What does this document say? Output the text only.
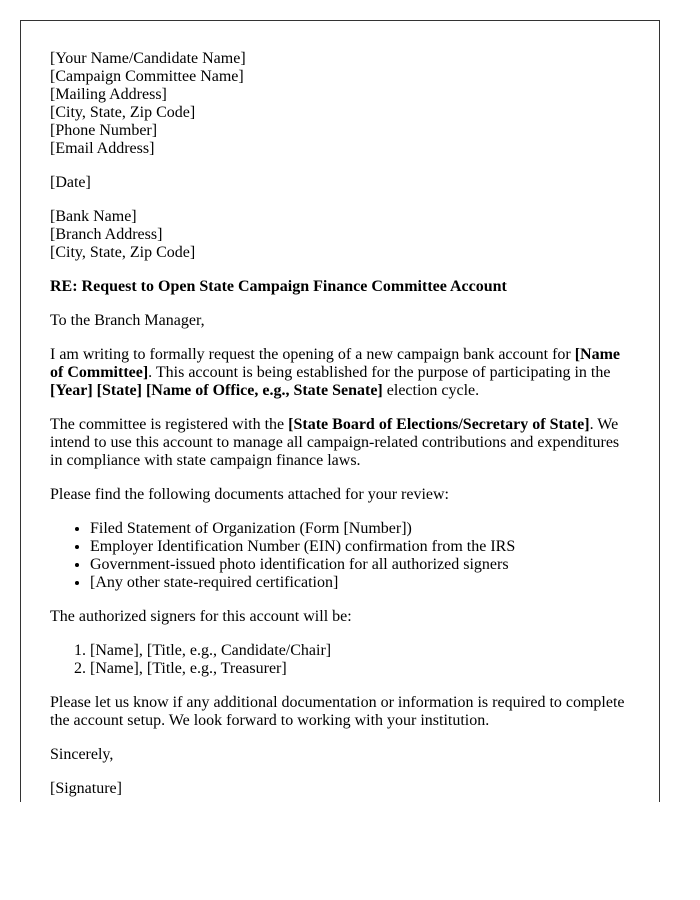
[Your Name/Candidate Name]
[Campaign Committee Name]
[Mailing Address]
[City, State, Zip Code]
[Phone Number]
[Email Address]
[Date]
[Bank Name]
[Branch Address]
[City, State, Zip Code]
RE: Request to Open State Campaign Finance Committee Account

To the Branch Manager,

I am writing to formally request the opening of a new campaign bank account for [Name of Committee]. This account is being established for the purpose of participating in the [Year] [State] [Name of Office, e.g., State Senate] election cycle.

The committee is registered with the [State Board of Elections/Secretary of State]. We intend to use this account to manage all campaign-related contributions and expenditures in compliance with state campaign finance laws.

Please find the following documents attached for your review:

• Filed Statement of Organization (Form [Number])
• Employer Identification Number (EIN) confirmation from the IRS
• Government-issued photo identification for all authorized signers
• [Any other state-required certification]

The authorized signers for this account will be:

1. [Name], [Title, e.g., Candidate/Chair]
2. [Name], [Title, e.g., Treasurer]

Please let us know if any additional documentation or information is required to complete the account setup. We look forward to working with your institution.

Sincerely,

[Signature]
